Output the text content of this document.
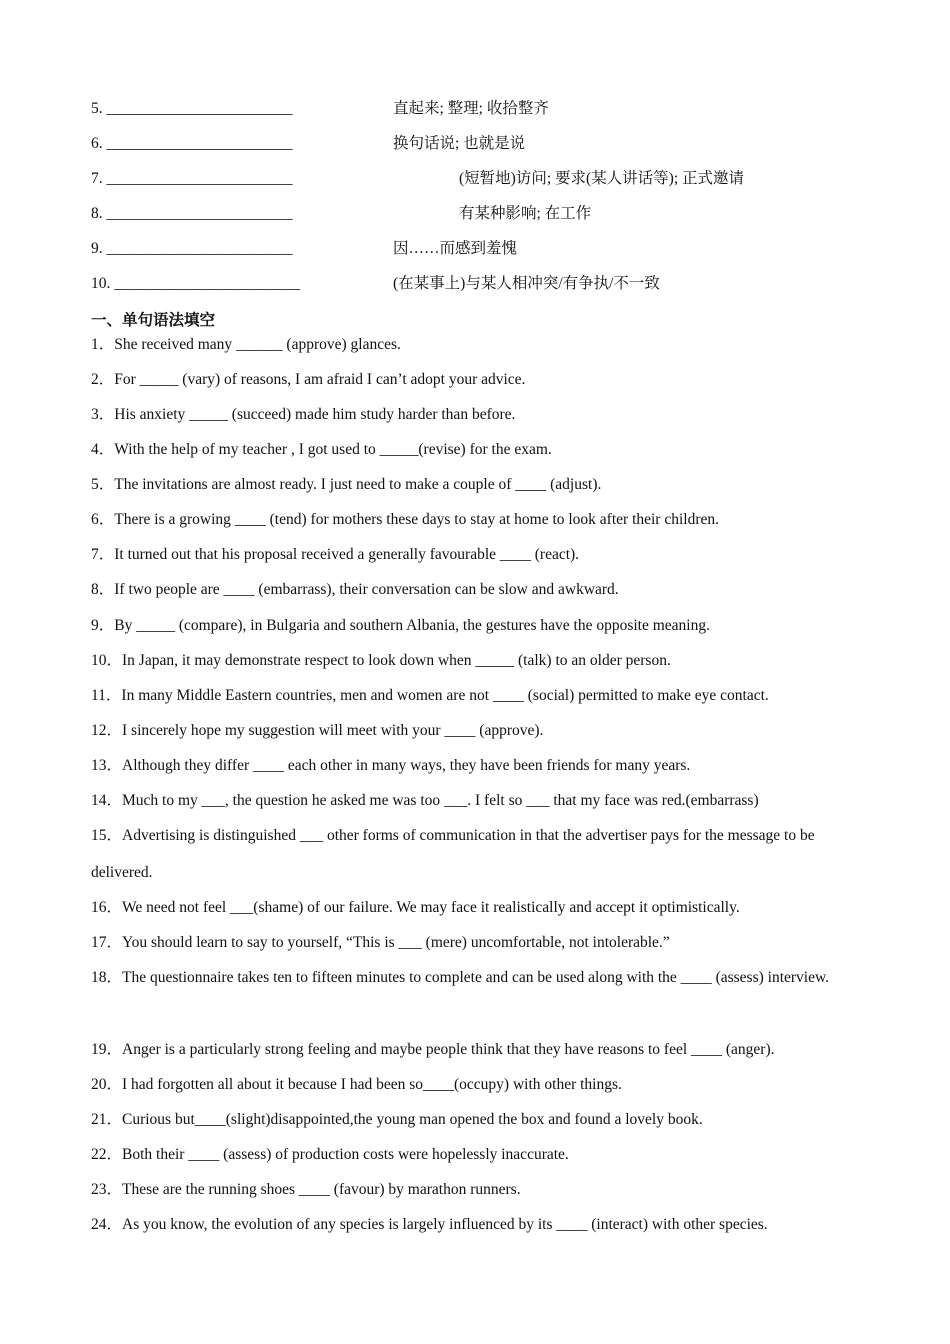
5. ________________________	直起来; 整理; 收拾整齐
6. ________________________	换句话说; 也就是说
7. ________________________	(短暂地)访问; 要求(某人讲话等); 正式邀请
8. ________________________	有某种影响; 在工作
9. ________________________	因……而感到羞愧
10. ________________________	(在某事上)与某人相冲突/有争执/不一致
一、单句语法填空
1．She received many ______ (approve) glances.
2．For _____ (vary) of reasons, I am afraid I can’t adopt your advice.
3．His anxiety _____ (succeed) made him study harder than before.
4．With the help of my teacher , I got used to _____(revise) for the exam.
5．The invitations are almost ready. I just need to make a couple of ____ (adjust).
6．There is a growing ____ (tend) for mothers these days to stay at home to look after their children.
7．It turned out that his proposal received a generally favourable ____ (react).
8．If two people are ____ (embarrass), their conversation can be slow and awkward.
9．By _____ (compare), in Bulgaria and southern Albania, the gestures have the opposite meaning.
10．In Japan, it may demonstrate respect to look down when _____ (talk) to an older person.
11．In many Middle Eastern countries, men and women are not ____ (social) permitted to make eye contact.
12．I sincerely hope my suggestion will meet with your ____ (approve).
13．Although they differ ____ each other in many ways, they have been friends for many years.
14．Much to my ___, the question he asked me was too ___. I felt so ___ that my face was red.(embarrass)
15．Advertising is distinguished ___ other forms of communication in that the advertiser pays for the message to be delivered.
16．We need not feel ___(shame) of our failure. We may face it realistically and accept it optimistically.
17．You should learn to say to yourself, “This is ___ (mere) uncomfortable, not intolerable.”
18．The questionnaire takes ten to fifteen minutes to complete and can be used along with the ____ (assess) interview.
19．Anger is a particularly strong feeling and maybe people think that they have reasons to feel ____ (anger).
20．I had forgotten all about it because I had been so____(occupy) with other things.
21．Curious but____(slight)disappointed,the young man opened the box and found a lovely book.
22．Both their ____ (assess) of production costs were hopelessly inaccurate.
23．These are the running shoes ____ (favour) by marathon runners.
24．As you know, the evolution of any species is largely influenced by its ____ (interact) with other species.
